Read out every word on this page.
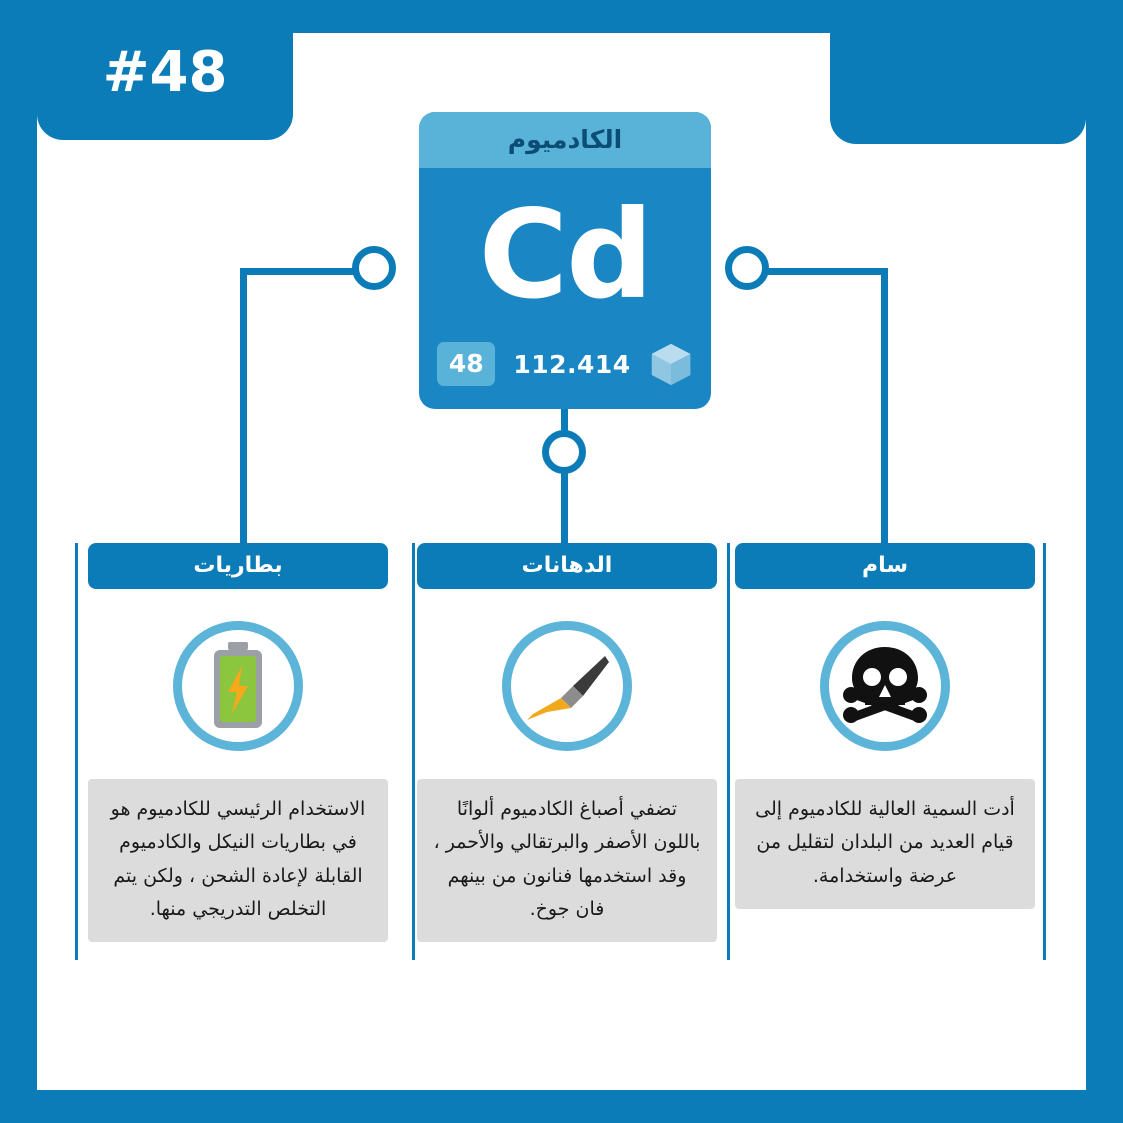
#48
الكادميوم
Cd
48	112.414
بطاريات
الاستخدام الرئيسي للكادميوم هو في بطاريات النيكل والكادميوم القابلة لإعادة الشحن ، ولكن يتم التخلص التدريجي منها.
الدهانات
تضفي أصباغ الكادميوم ألوانًا باللون الأصفر والبرتقالي والأحمر ، وقد استخدمها فنانون من بينهم فان جوخ.
سام
أدت السمية العالية للكادميوم إلى قيام العديد من البلدان لتقليل من عرضة واستخدامة.
